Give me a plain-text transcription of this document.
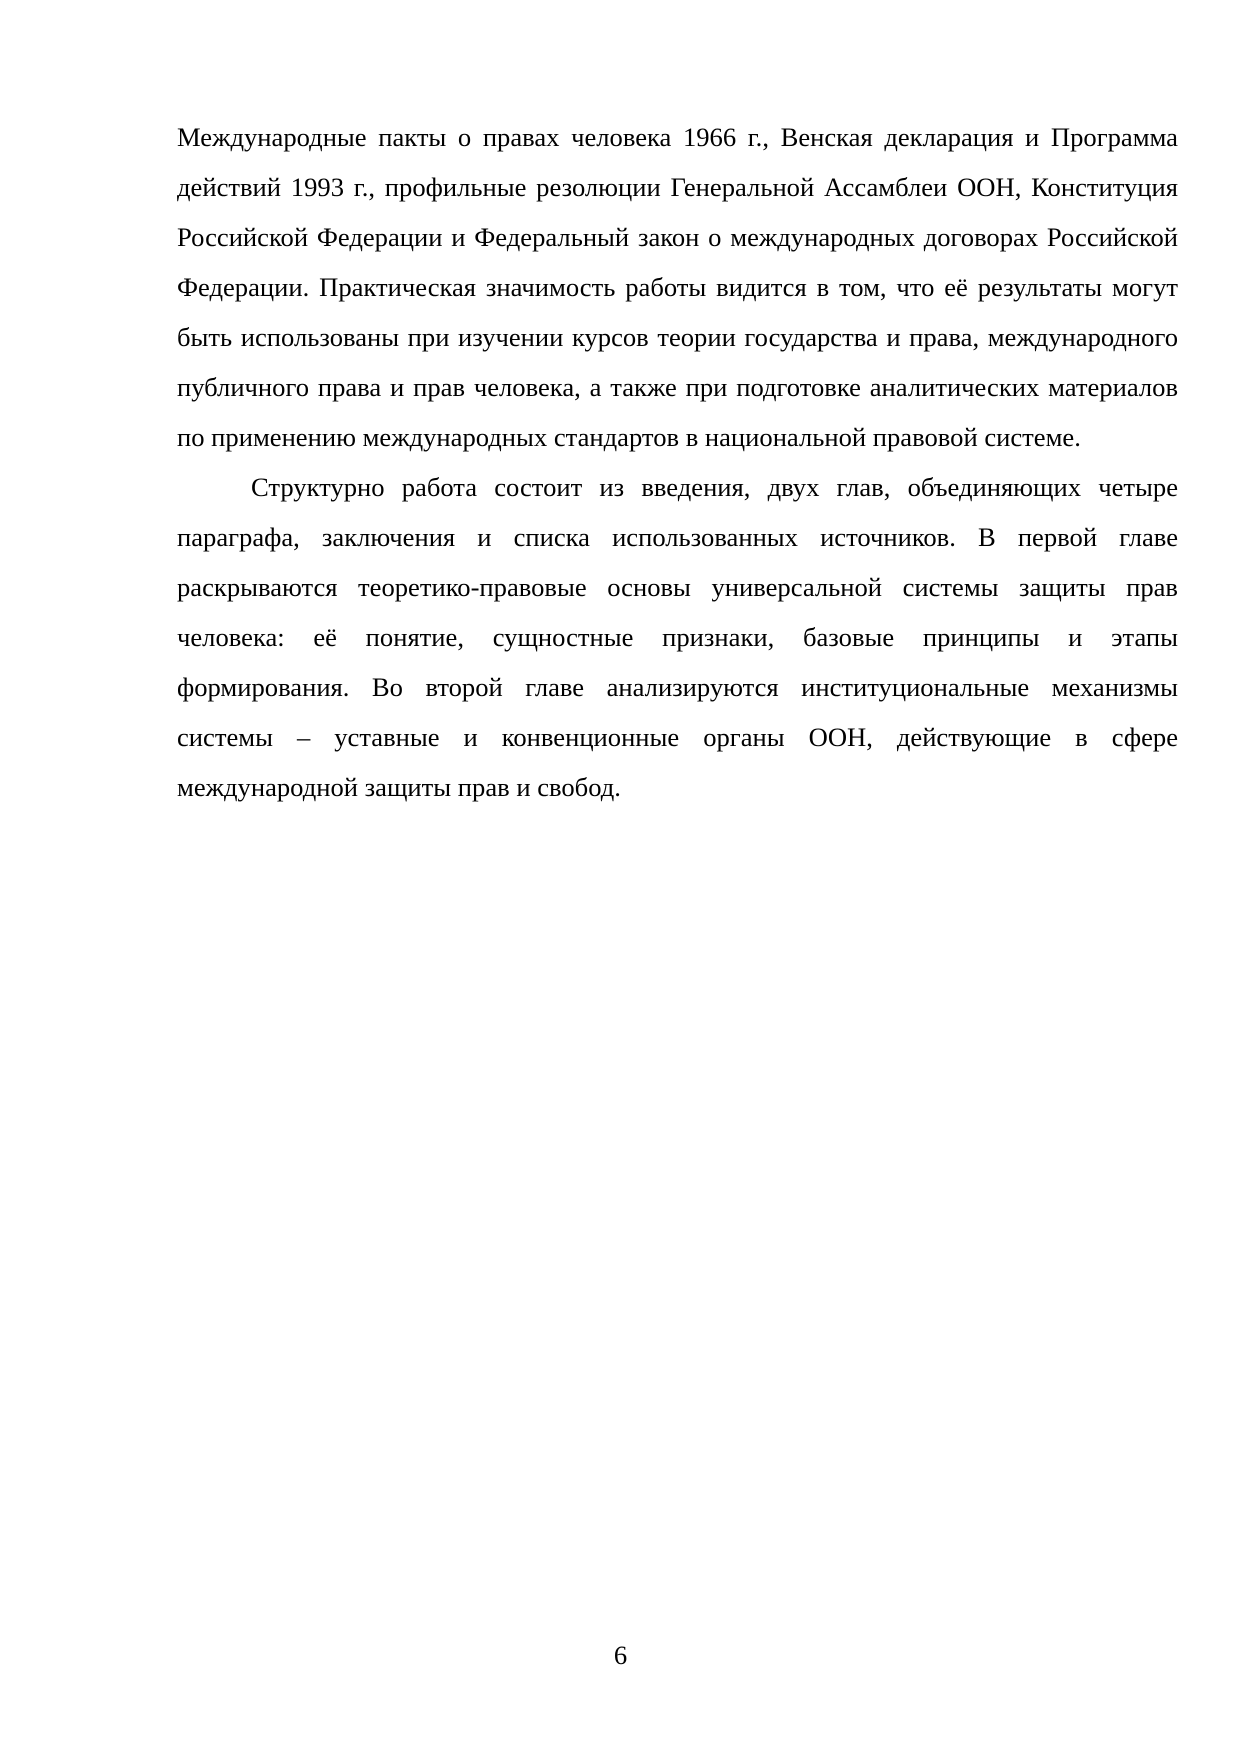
Международные пакты о правах человека 1966 г., Венская декларация и Программа действий 1993 г., профильные резолюции Генеральной Ассамблеи ООН, Конституция Российской Федерации и Федеральный закон о международных договорах Российской Федерации. Практическая значимость работы видится в том, что её результаты могут быть использованы при изучении курсов теории государства и права, международного публичного права и прав человека, а также при подготовке аналитических материалов по применению международных стандартов в национальной правовой системе.

Структурно работа состоит из введения, двух глав, объединяющих четыре параграфа, заключения и списка использованных источников. В первой главе раскрываются теоретико-правовые основы универсальной системы защиты прав человека: её понятие, сущностные признаки, базовые принципы и этапы формирования. Во второй главе анализируются институциональные механизмы системы – уставные и конвенционные органы ООН, действующие в сфере международной защиты прав и свобод.

6
